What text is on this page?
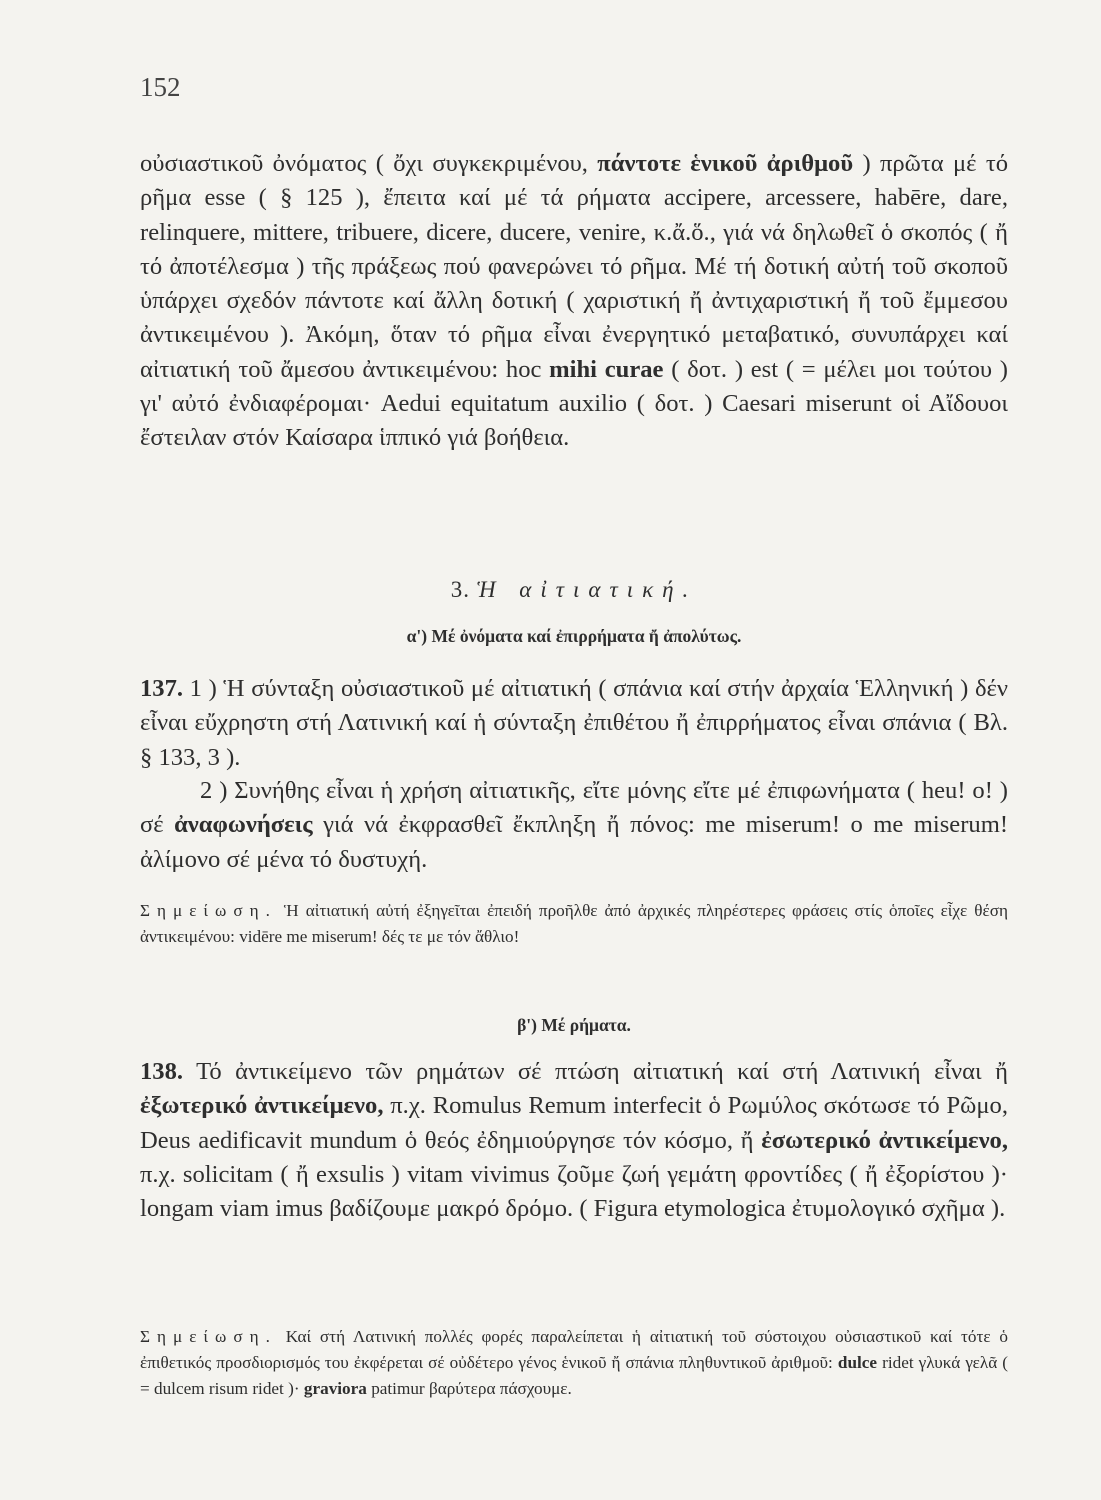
152

οὐσιαστικοῦ ὀνόματος ( ὄχι συγκεκριμένου, πάντοτε ἑνικοῦ ἀριθμοῦ ) πρῶτα μέ τό ρῆμα esse ( § 125 ), ἔπειτα καί μέ τά ρήματα accipere, arcessere, habēre, dare, relinquere, mittere, tribuere, dicere, ducere, venire, κ.ἄ.ὅ., γιά νά δηλωθεῖ ὁ σκοπός ( ἤ τό ἀποτέλεσμα ) τῆς πράξεως πού φανερώνει τό ρῆμα. Μέ τή δοτική αὐτή τοῦ σκοποῦ ὑπάρχει σχεδόν πάντοτε καί ἄλλη δοτική ( χαριστική ἤ ἀντιχαριστική ἤ τοῦ ἔμμεσου ἀντικειμένου ). Ἀκόμη, ὅταν τό ρῆμα εἶναι ἐνεργητικό μεταβατικό, συνυπάρχει καί αἰτιατική τοῦ ἄμεσου ἀντικειμένου: hoc mihi curae ( δοτ. ) est ( = μέλει μοι τούτου ) γι' αὐτό ἐνδιαφέρομαι· Aedui equitatum auxilio ( δοτ. ) Caesari miserunt οἱ Αἴδουοι ἔστειλαν στόν Καίσαρα ἱππικό γιά βοήθεια.

3. Ἡ αἰτιατική.

α') Μέ ὀνόματα καί ἐπιρρήματα ἤ ἀπολύτως.

137. 1 ) Ἡ σύνταξη οὐσιαστικοῦ μέ αἰτιατική ( σπάνια καί στήν ἀρχαία Ἑλληνική ) δέν εἶναι εὔχρηστη στή Λατινική καί ἡ σύνταξη ἐπιθέτου ἤ ἐπιρρήματος εἶναι σπάνια ( Βλ. § 133, 3 ).

2 ) Συνήθης εἶναι ἡ χρήση αἰτιατικῆς, εἴτε μόνης εἴτε μέ ἐπιφωνήματα ( heu! o! ) σέ ἀναφωνήσεις γιά νά ἐκφρασθεῖ ἔκπληξη ἤ πόνος: me miserum! o me miserum! ἀλίμονο σέ μένα τό δυστυχή.

Σημείωση. Ἡ αἰτιατική αὐτή ἐξηγεῖται ἐπειδή προῆλθε ἀπό ἀρχικές πληρέστερες φράσεις στίς ὁποῖες εἶχε θέση ἀντικειμένου: vidēre me miserum! δές τε με τόν ἄθλιο!

β') Μέ ρήματα.

138. Τό ἀντικείμενο τῶν ρημάτων σέ πτώση αἰτιατική καί στή Λατινική εἶναι ἤ ἐξωτερικό ἀντικείμενο, π.χ. Romulus Remum interfecit ὁ Ρωμύλος σκότωσε τό Ρῶμο, Deus aedificavit mundum ὁ θεός ἐδημιούργησε τόν κόσμο, ἤ ἐσωτερικό ἀντικείμενο, π.χ. solicitam ( ἤ exsulis ) vitam vivimus ζοῦμε ζωή γεμάτη φροντίδες ( ἤ ἐξορίστου )· longam viam imus βαδίζουμε μακρό δρόμο. ( Figura etymologica ἐτυμολογικό σχῆμα ).

Σημείωση. Καί στή Λατινική πολλές φορές παραλείπεται ἡ αἰτιατική τοῦ σύστοιχου οὐσιαστικοῦ καί τότε ὁ ἐπιθετικός προσδιορισμός του ἐκφέρεται σέ οὐδέτερο γένος ἑνικοῦ ἤ σπάνια πληθυντικοῦ ἀριθμοῦ: dulce ridet γλυκά γελᾶ ( = dulcem risum ridet )· graviora patimur βαρύτερα πάσχουμε.
